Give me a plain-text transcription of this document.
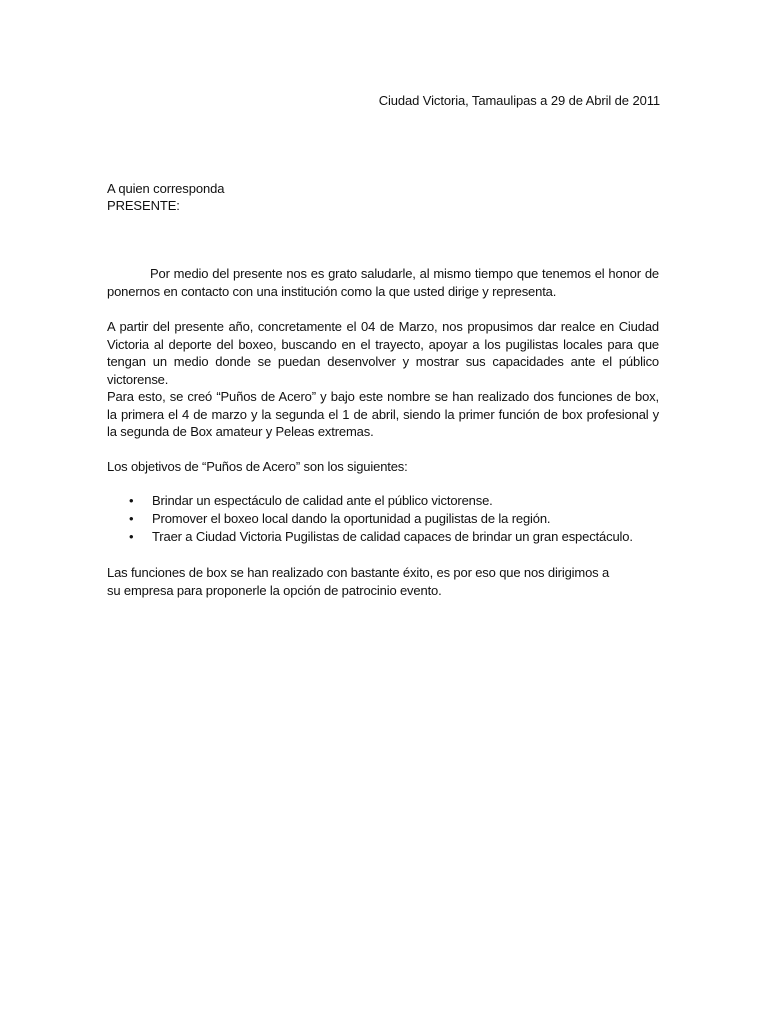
Ciudad Victoria, Tamaulipas a 29 de Abril de 2011
A quien corresponda
PRESENTE:
Por medio del presente nos es grato saludarle, al mismo tiempo que tenemos el honor de ponernos en contacto con una institución como la que usted dirige y representa.
A partir del presente año, concretamente el 04 de Marzo, nos propusimos dar realce en Ciudad Victoria al deporte del boxeo, buscando en el trayecto, apoyar a los pugilistas locales para que tengan un medio donde se puedan desenvolver y mostrar sus capacidades ante el público victorense.
Para esto, se creó “Puños de Acero” y bajo este nombre se han realizado dos funciones de box, la primera el 4 de marzo y la segunda el 1 de abril, siendo la primer función de box profesional y la segunda de Box amateur y Peleas extremas.
Los objetivos de “Puños de Acero” son los siguientes:
• Brindar un espectáculo de calidad ante el público victorense.
• Promover el boxeo local dando la oportunidad a pugilistas de la región.
• Traer a Ciudad Victoria Pugilistas de calidad capaces de brindar un gran espectáculo.
Las funciones de box se han realizado con bastante éxito, es por eso que nos dirigimos a su empresa para proponerle la opción de patrocinio evento.
